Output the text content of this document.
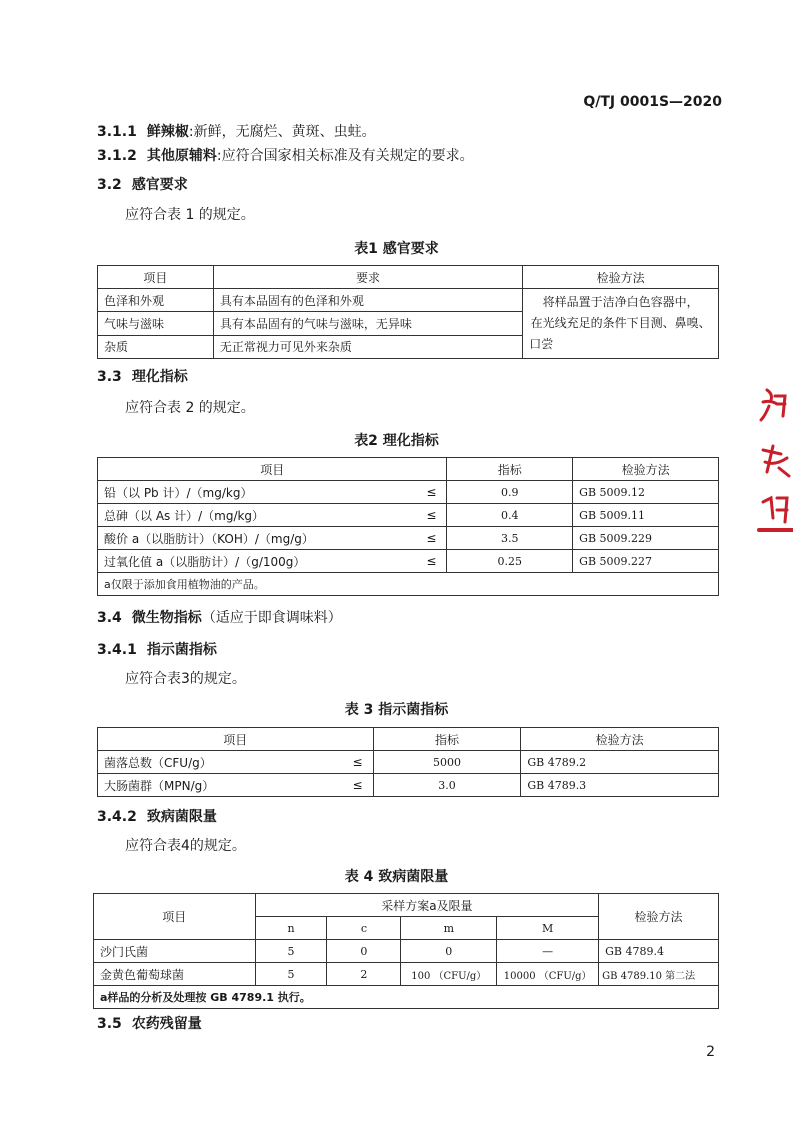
Q/TJ 0001S—2020
3.1.1 鲜辣椒:新鲜，无腐烂、黄斑、虫蛀。
3.1.2 其他原辅料:应符合国家相关标准及有关规定的要求。
3.2 感官要求
应符合表 1 的规定。
表1 感官要求
项目	要求	检验方法
色泽和外观	具有本品固有的色泽和外观	将样品置于洁净白色容器中，
在光线充足的条件下目测、鼻嗅、
口尝

气味与滋味	具有本品固有的气味与滋味，无异味	
杂质	无正常视力可见外来杂质	
3.3 理化指标
应符合表 2 的规定。
表2 理化指标
项目		指标	检验方法
铅（以 Pb 计）/（mg/kg）	≤	0.9	GB 5009.12
总砷（以 As 计）/（mg/kg）	≤	0.4	GB 5009.11
酸价 a（以脂肪计）（KOH）/（mg/g）	≤	3.5	GB 5009.229
过氧化值 a（以脂肪计）/（g/100g）	≤	0.25	GB 5009.227
a仅限于添加食用植物油的产品。			
3.4 微生物指标（适应于即食调味料）
3.4.1 指示菌指标
应符合表3的规定。
表 3 指示菌指标
项目		指标	检验方法
菌落总数（CFU/g）	≤	5000	GB 4789.2
大肠菌群（MPN/g）	≤	3.0	GB 4789.3
3.4.2 致病菌限量
应符合表4的规定。
表 4 致病菌限量
项目	采样方案a及限量				检验方法
	n	c	m	M	
沙门氏菌	5	0	0	—	GB 4789.4
金黄色葡萄球菌	5	2	100 （CFU/g）	10000 （CFU/g）	GB 4789.10 第二法
a样品的分析及处理按 GB 4789.1 执行。					
3.5 农药残留量
2
